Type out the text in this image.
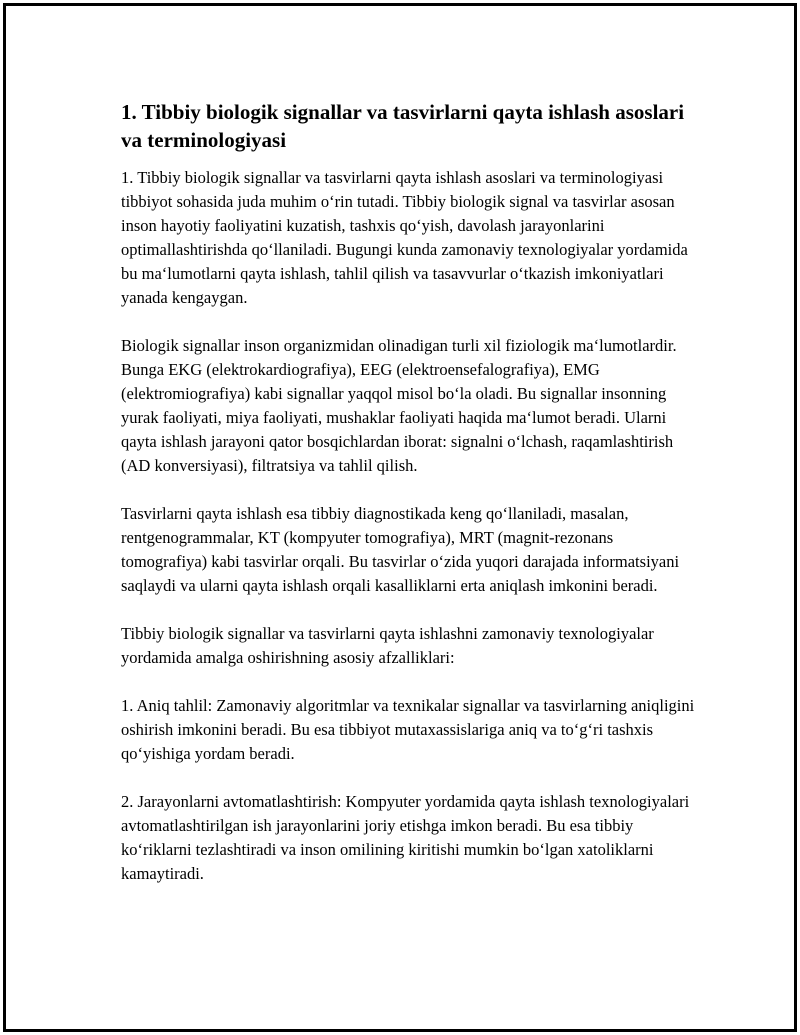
1. Tibbiy biologik signallar va tasvirlarni qayta ishlash asoslari va terminologiyasi

1. Tibbiy biologik signallar va tasvirlarni qayta ishlash asoslari va terminologiyasi tibbiyot sohasida juda muhim o‘rin tutadi. Tibbiy biologik signal va tasvirlar asosan inson hayotiy faoliyatini kuzatish, tashxis qo‘yish, davolash jarayonlarini optimallashtirishda qo‘llaniladi. Bugungi kunda zamonaviy texnologiyalar yordamida bu ma‘lumotlarni qayta ishlash, tahlil qilish va tasavvurlar o‘tkazish imkoniyatlari yanada kengaygan.

Biologik signallar inson organizmidan olinadigan turli xil fiziologik ma‘lumotlardir. Bunga EKG (elektrokardiografiya), EEG (elektroensefalografiya), EMG (elektromiografiya) kabi signallar yaqqol misol bo‘la oladi. Bu signallar insonning yurak faoliyati, miya faoliyati, mushaklar faoliyati haqida ma‘lumot beradi. Ularni qayta ishlash jarayoni qator bosqichlardan iborat: signalni o‘lchash, raqamlashtirish (AD konversiyasi), filtratsiya va tahlil qilish.

Tasvirlarni qayta ishlash esa tibbiy diagnostikada keng qo‘llaniladi, masalan, rentgenogrammalar, KT (kompyuter tomografiya), MRT (magnit-rezonans tomografiya) kabi tasvirlar orqali. Bu tasvirlar o‘zida yuqori darajada informatsiyani saqlaydi va ularni qayta ishlash orqali kasalliklarni erta aniqlash imkonini beradi.

Tibbiy biologik signallar va tasvirlarni qayta ishlashni zamonaviy texnologiyalar yordamida amalga oshirishning asosiy afzalliklari:

1. Aniq tahlil: Zamonaviy algoritmlar va texnikalar signallar va tasvirlarning aniqligini oshirish imkonini beradi. Bu esa tibbiyot mutaxassislariga aniq va to‘g‘ri tashxis qo‘yishiga yordam beradi.

2. Jarayonlarni avtomatlashtirish: Kompyuter yordamida qayta ishlash texnologiyalari avtomatlashtirilgan ish jarayonlarini joriy etishga imkon beradi. Bu esa tibbiy ko‘riklarni tezlashtiradi va inson omilining kiritishi mumkin bo‘lgan xatoliklarni kamaytiradi.
